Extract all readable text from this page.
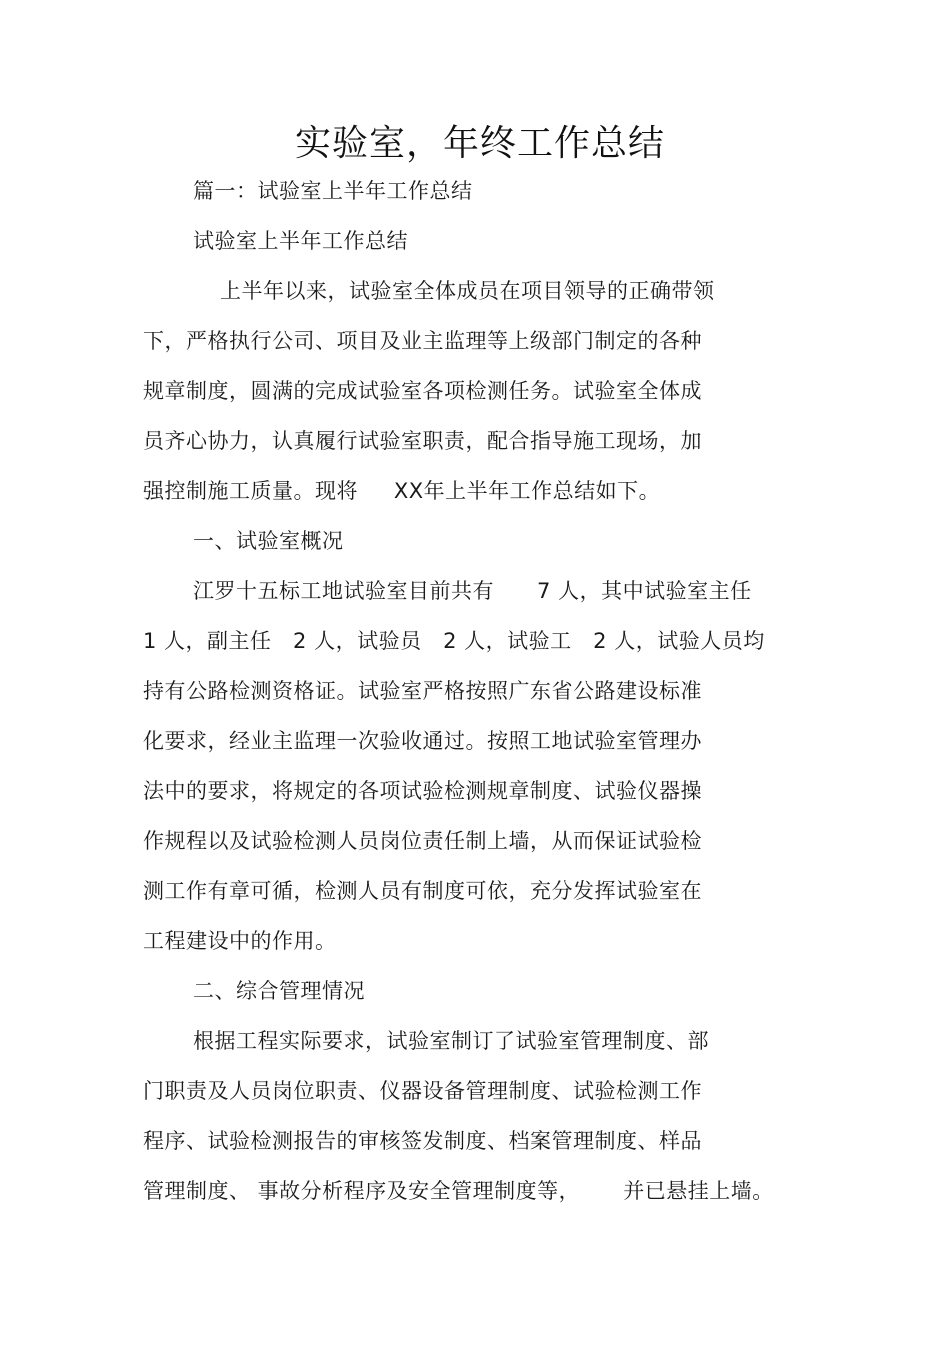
实验室，年终工作总结
篇一：试验室上半年工作总结
试验室上半年工作总结
上半年以来，试验室全体成员在项目领导的正确带领
下，严格执行公司、项目及业主监理等上级部门制定的各种
规章制度，圆满的完成试验室各项检测任务。试验室全体成
员齐心协力，认真履行试验室职责，配合指导施工现场，加
强控制施工质量。现将     XX年上半年工作总结如下。
一、试验室概况
江罗十五标工地试验室目前共有      7 人，其中试验室主任
1 人，副主任   2 人，试验员   2 人，试验工   2 人，试验人员均
持有公路检测资格证。试验室严格按照广东省公路建设标准
化要求，经业主监理一次验收通过。按照工地试验室管理办
法中的要求，将规定的各项试验检测规章制度、试验仪器操
作规程以及试验检测人员岗位责任制上墙，从而保证试验检
测工作有章可循，检测人员有制度可依，充分发挥试验室在
工程建设中的作用。
二、综合管理情况
根据工程实际要求，试验室制订了试验室管理制度、部
门职责及人员岗位职责、仪器设备管理制度、试验检测工作
程序、试验检测报告的审核签发制度、档案管理制度、样品
管理制度、 事故分析程序及安全管理制度等，      并已悬挂上墙。
